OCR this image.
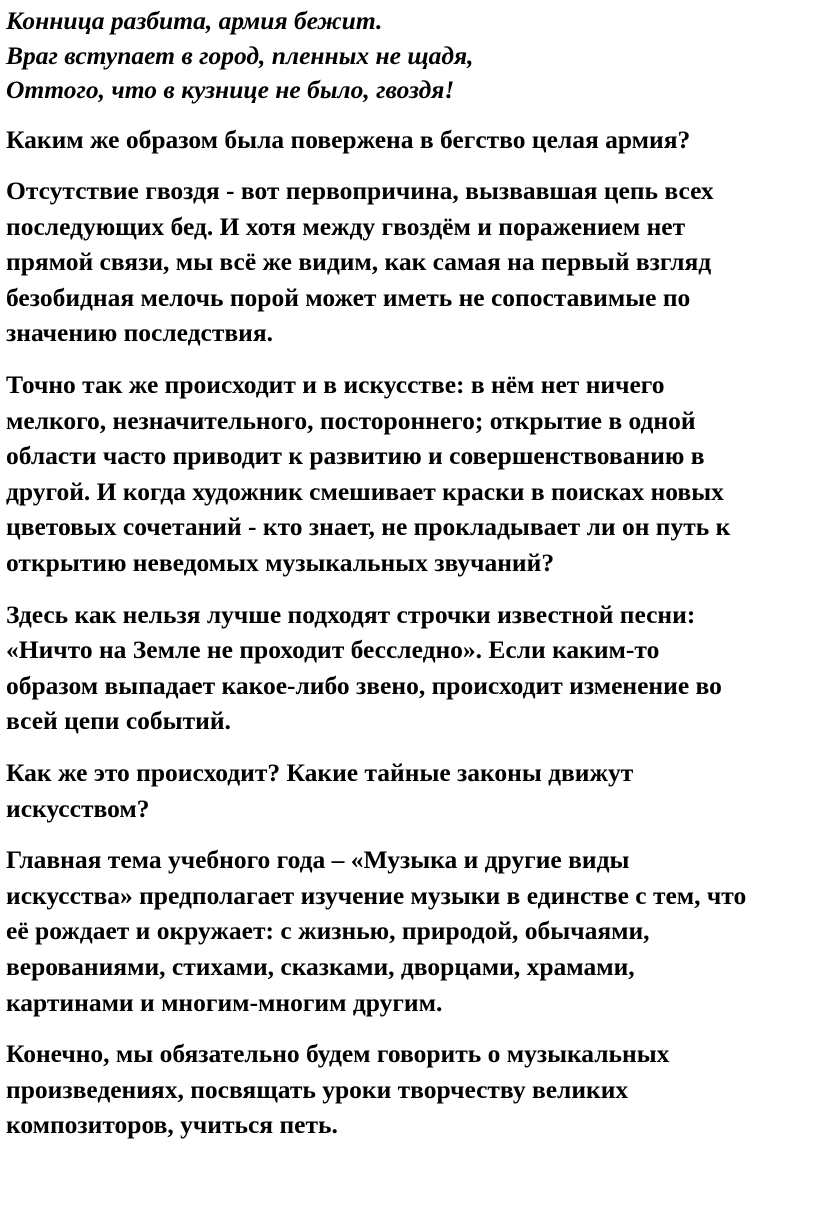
Конница разбита, армия бежит.
Враг вступает в город, пленных не щадя,
Оттого, что в кузнице не было, гвоздя!

Каким же образом была повержена в бегство целая армия?

Отсутствие гвоздя - вот первопричина, вызвавшая цепь всех
последующих бед. И хотя между гвоздём и поражением нет
прямой связи, мы всё же видим, как самая на первый взгляд
безобидная мелочь порой может иметь не сопоставимые по
значению последствия.

Точно так же происходит и в искусстве: в нём нет ничего
мелкого, незначительного, постороннего; открытие в одной
области часто приводит к развитию и совершенствованию в
другой. И когда художник смешивает краски в поисках новых
цветовых сочетаний - кто знает, не прокладывает ли он путь к
открытию неведомых музыкальных звучаний?

Здесь как нельзя лучше подходят строчки известной песни:
«Ничто на Земле не проходит бесследно». Если каким-то
образом выпадает какое-либо звено, происходит изменение во
всей цепи событий.

Как же это происходит? Какие тайные законы движут
искусством?

Главная тема учебного года – «Музыка и другие виды
искусства» предполагает изучение музыки в единстве с тем, что
её рождает и окружает: с жизнью, природой, обычаями,
верованиями, стихами, сказками, дворцами, храмами,
картинами и многим-многим другим.

Конечно, мы обязательно будем говорить о музыкальных
произведениях, посвящать уроки творчеству великих
композиторов, учиться петь.
